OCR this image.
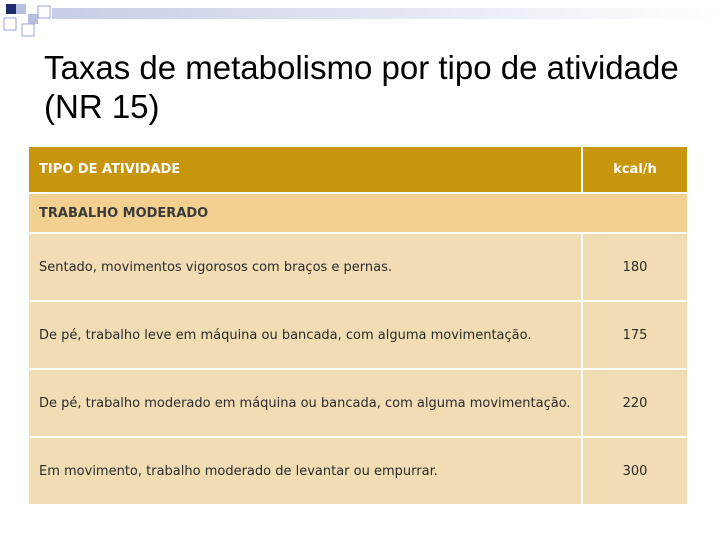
Taxas de metabolismo por tipo de atividade (NR 15)
TIPO DE ATIVIDADE	kcal/h
TRABALHO MODERADO	
Sentado, movimentos vigorosos com braços e pernas.	180
De pé, trabalho leve em máquina ou bancada, com alguma movimentação.	175
De pé, trabalho moderado em máquina ou bancada, com alguma movimentação.	220
Em movimento, trabalho moderado de levantar ou empurrar.	300
